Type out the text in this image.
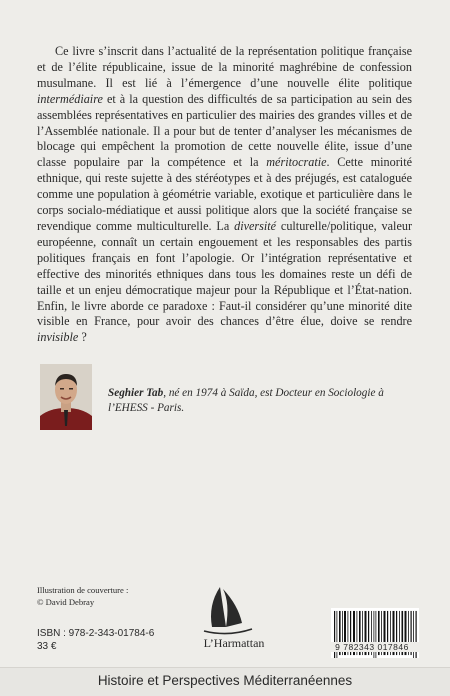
Ce livre s’inscrit dans l’actualité de la représentation politique française et de l’élite républicaine, issue de la minorité maghrébine de confession musulmane. Il est lié à l’émergence d’une nouvelle élite politique intermédiaire et à la question des difficultés de sa participation au sein des assemblées représentatives en particulier des mairies des grandes villes et de l’Assemblée nationale. Il a pour but de tenter d’analyser les mécanismes de blocage qui empêchent la promotion de cette nouvelle élite, issue d’une classe populaire par la compétence et la méritocratie. Cette minorité ethnique, qui reste sujette à des stéréotypes et à des préjugés, est cataloguée comme une population à géométrie variable, exotique et particulière dans le corps socialo-médiatique et aussi politique alors que la société française se revendique comme multiculturelle. La diversité culturelle/politique, valeur européenne, connaît un certain engouement et les responsables des partis politiques français en font l’apologie. Or l’intégration représentative et effective des minorités ethniques dans tous les domaines reste un défi de taille et un enjeu démocratique majeur pour la République et l’État-nation. Enfin, le livre aborde ce paradoxe : Faut-il considérer qu’une minorité dite visible en France, pour avoir des chances d’être élue, doive se rendre invisible ?

Seghier Tab, né en 1974 à Saïda, est Docteur en Sociologie à l’EHESS - Paris.
Illustration de couverture :
© David Debray
ISBN : 978-2-343-01784-6
33 €	L’Harmattan	9 782343 017846
Histoire et Perspectives Méditerranéennes
